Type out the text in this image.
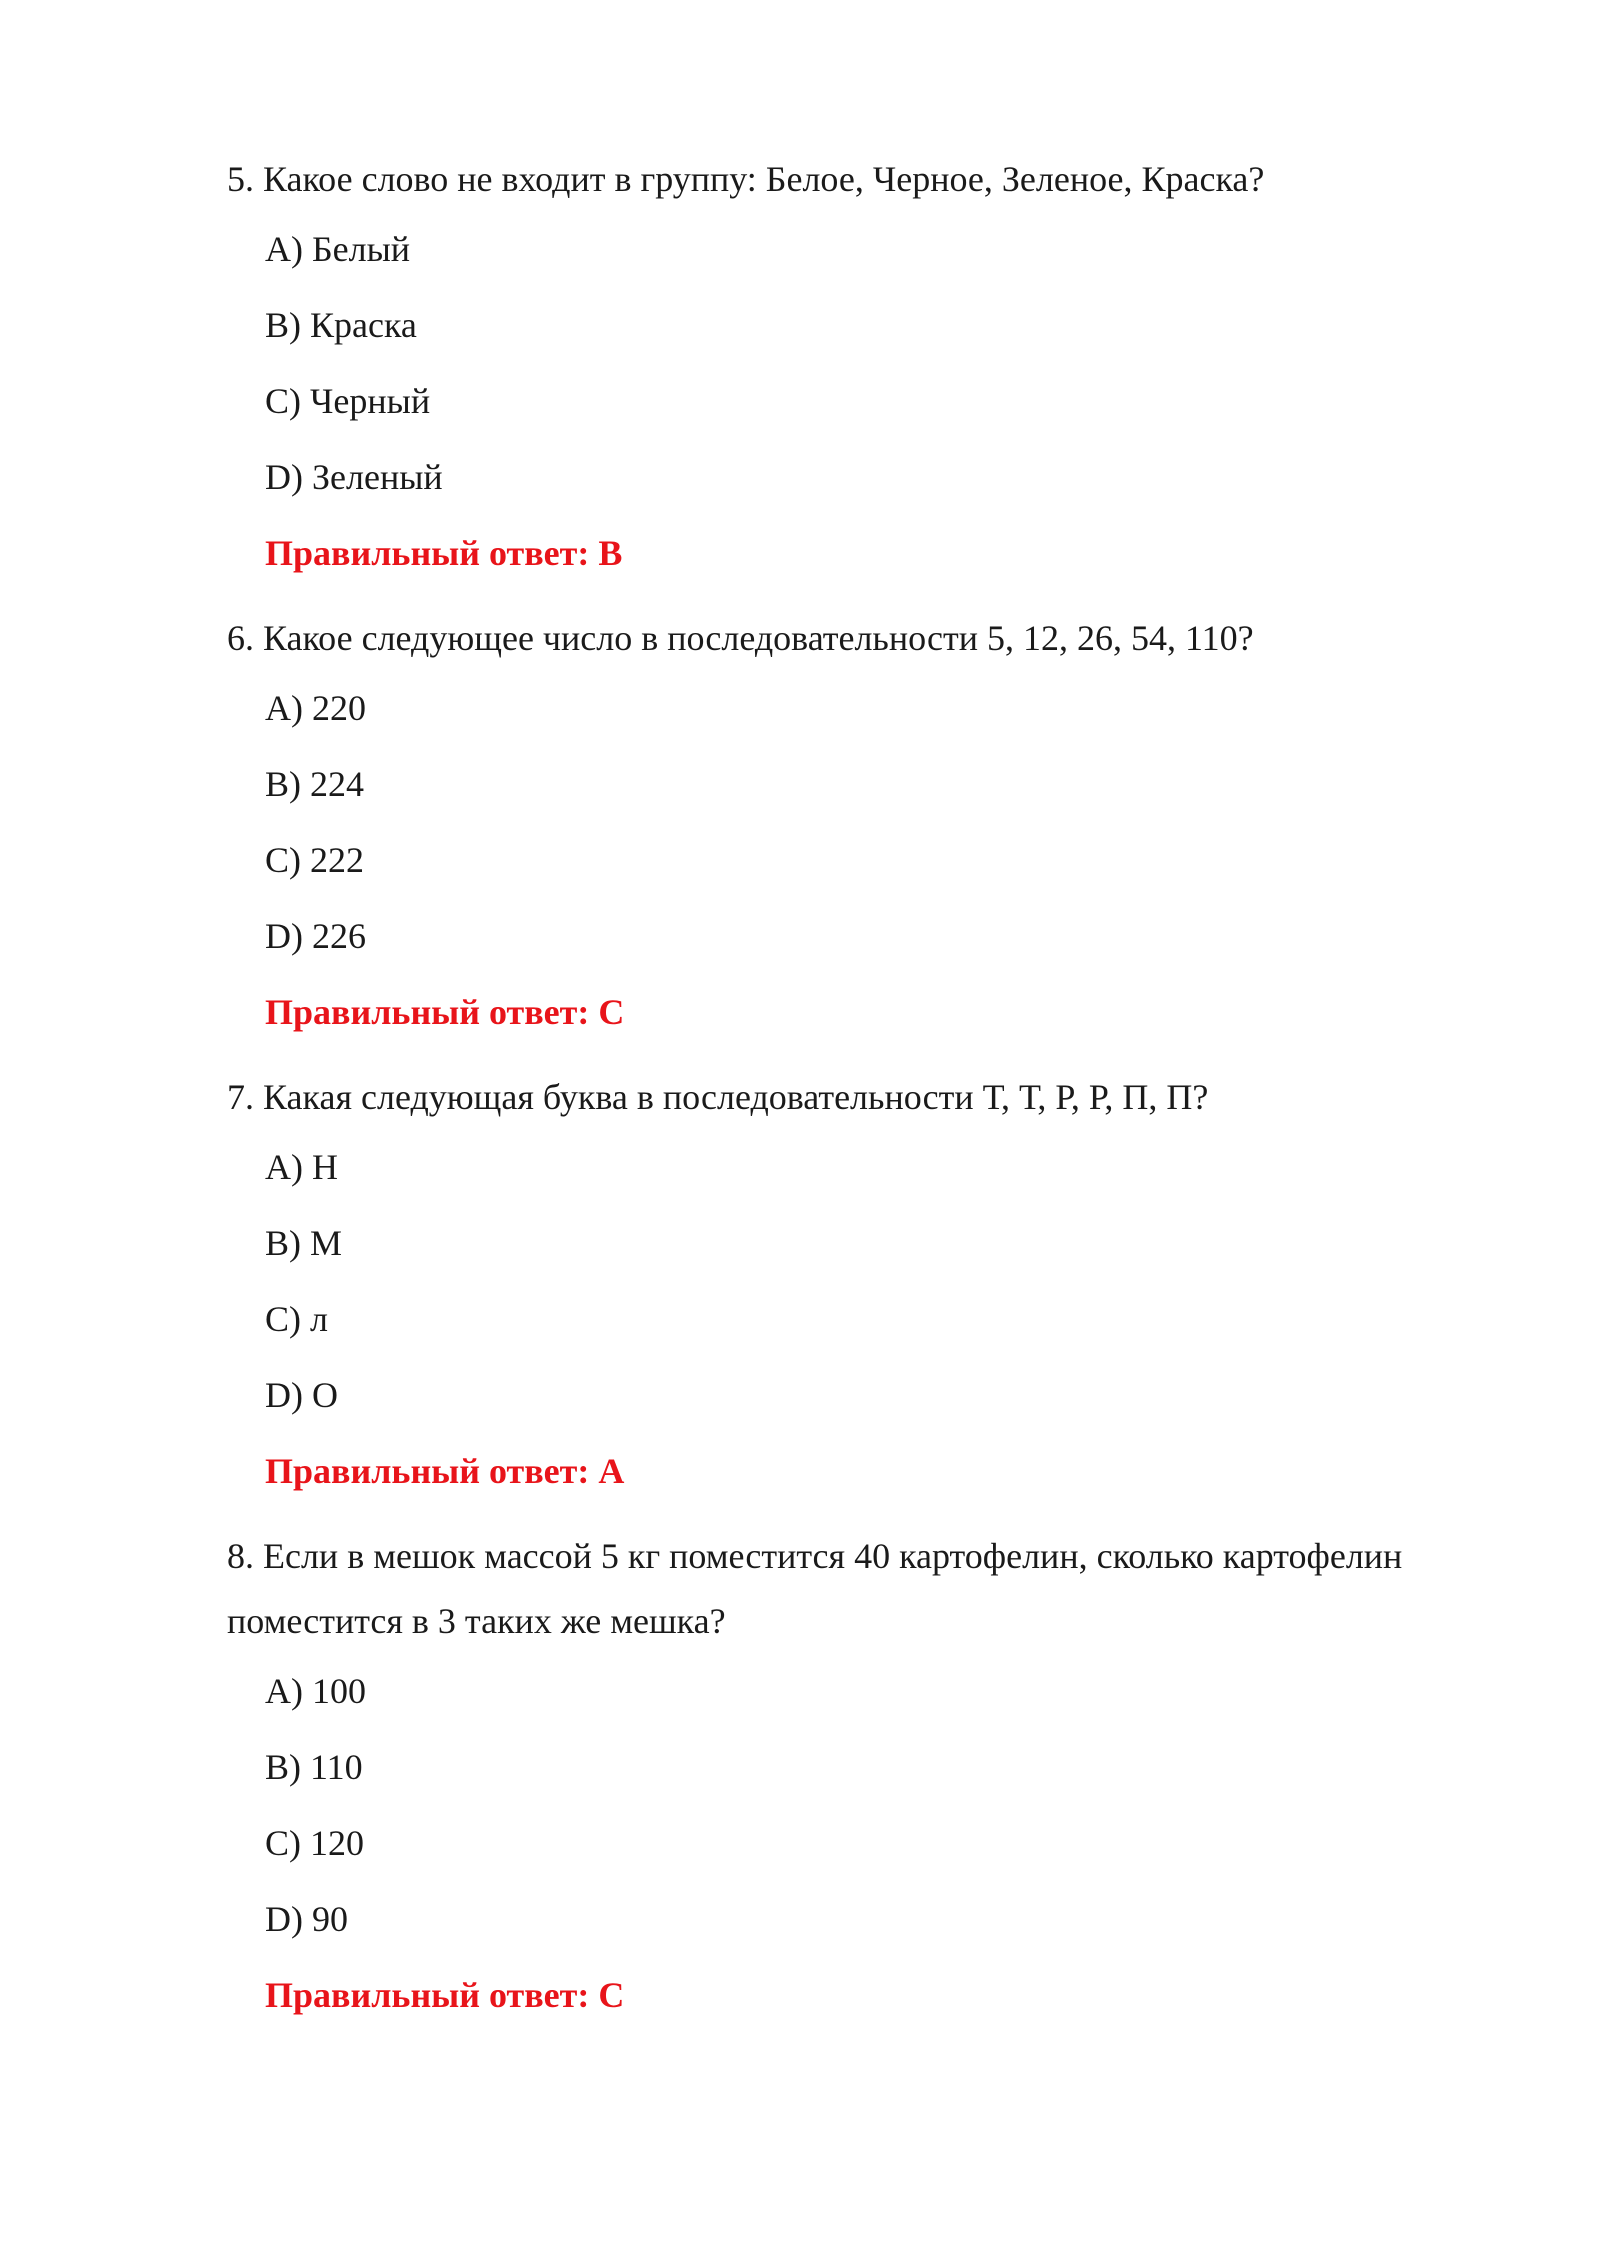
5. Какое слово не входит в группу: Белое, Черное, Зеленое, Краска?

A) Белый
B) Краска
C) Черный
D) Зеленый

Правильный ответ: B

6. Какое следующее число в последовательности 5, 12, 26, 54, 110?

A) 220
B) 224
C) 222
D) 226

Правильный ответ: C

7. Какая следующая буква в последовательности Т, Т, Р, Р, П, П?

A) Н
B) М
C) л
D) О

Правильный ответ: A

8. Если в мешок массой 5 кг поместится 40 картофелин, сколько картофелин поместится в 3 таких же мешка?

A) 100
B) 110
C) 120
D) 90

Правильный ответ: C
